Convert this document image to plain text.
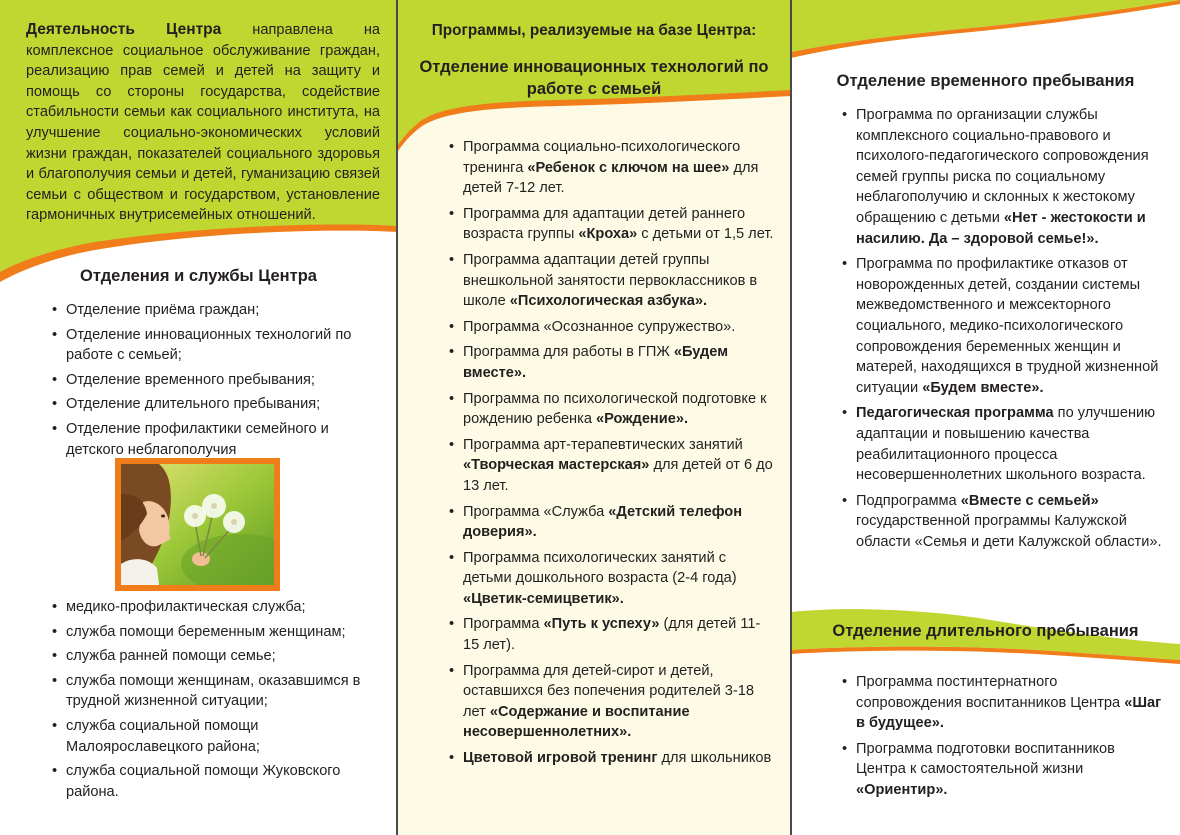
Деятельность Центра направлена на комплексное социальное обслуживание граждан, реализацию прав семей и детей на защиту и помощь со стороны государства, содействие стабильности семьи как социального института, на улучшение социально-экономических условий жизни граждан, показателей социального здоровья и благополучия семьи и детей, гуманизацию связей семьи с обществом и государством, установление гармоничных внутрисемейных отношений.
Отделения и службы Центра
• Отделение приёма граждан;
• Отделение инновационных технологий по работе с семьей;
• Отделение временного пребывания;
• Отделение длительного пребывания;
• Отделение профилактики семейного и детского неблагополучия
• медико-профилактическая служба;
• служба помощи беременным женщинам;
• служба ранней помощи семье;
• служба помощи женщинам, оказавшимся в трудной жизненной ситуации;
• служба социальной помощи Малоярославецкого района;
• служба социальной помощи Жуковского района.
Программы, реализуемые на базе Центра:
Отделение инновационных технологий по работе с семьей
• Программа социально-психологического тренинга «Ребенок с ключом на шее» для детей 7-12 лет.
• Программа для адаптации детей раннего возраста группы «Кроха» с детьми от 1,5 лет.
• Программа адаптации детей группы внешкольной занятости первоклассников в школе «Психологическая азбука».
• Программа «Осознанное супружество».
• Программа для работы в ГПЖ «Будем вместе».
• Программа по психологической подготовке к рождению ребенка «Рождение».
• Программа арт-терапевтических занятий «Творческая мастерская» для детей от 6 до 13 лет.
• Программа «Служба «Детский телефон доверия».
• Программа психологических занятий с детьми дошкольного возраста (2-4 года) «Цветик-семицветик».
• Программа «Путь к успеху» (для детей 11-15 лет).
• Программа для детей-сирот и детей, оставшихся без попечения родителей 3-18 лет «Содержание и воспитание несовершеннолетних».
• Цветовой игровой тренинг для школьников
Отделение временного пребывания
• Программа по организации службы комплексного социально-правового и психолого-педагогического сопровождения семей группы риска по социальному неблагополучию и склонных к жестокому обращению с детьми «Нет - жестокости и насилию. Да – здоровой семье!».
• Программа по профилактике отказов от новорожденных детей, создании системы межведомственного и межсекторного социального, медико-психологического сопровождения беременных женщин и матерей, находящихся в трудной жизненной ситуации «Будем вместе».
• Педагогическая программа по улучшению адаптации и повышению качества реабилитационного процесса несовершеннолетних школьного возраста.
• Подпрограмма «Вместе с семьей» государственной программы Калужской области «Семья и дети Калужской области».
Отделение длительного пребывания
• Программа постинтернатного сопровождения воспитанников Центра «Шаг в будущее».
• Программа подготовки воспитанников Центра к самостоятельной жизни «Ориентир».
